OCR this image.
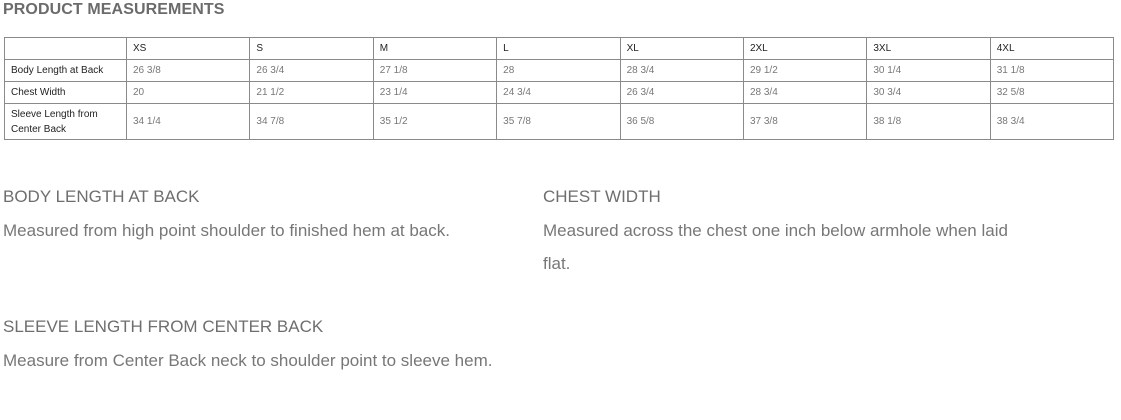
PRODUCT MEASUREMENTS
	XS	S	M	L	XL	2XL	3XL	4XL
Body Length at Back	26 3/8	26 3/4	27 1/8	28	28 3/4	29 1/2	30 1/4	31 1/8
Chest Width	20	21 1/2	23 1/4	24 3/4	26 3/4	28 3/4	30 3/4	32 5/8
Sleeve Length from
Center Back	34 1/4	34 7/8	35 1/2	35 7/8	36 5/8	37 3/8	38 1/8	38 3/4
BODY LENGTH AT BACK
Measured from high point shoulder to finished hem at back.
CHEST WIDTH
Measured across the chest one inch below armhole when laid flat.
SLEEVE LENGTH FROM CENTER BACK
Measure from Center Back neck to shoulder point to sleeve hem.
